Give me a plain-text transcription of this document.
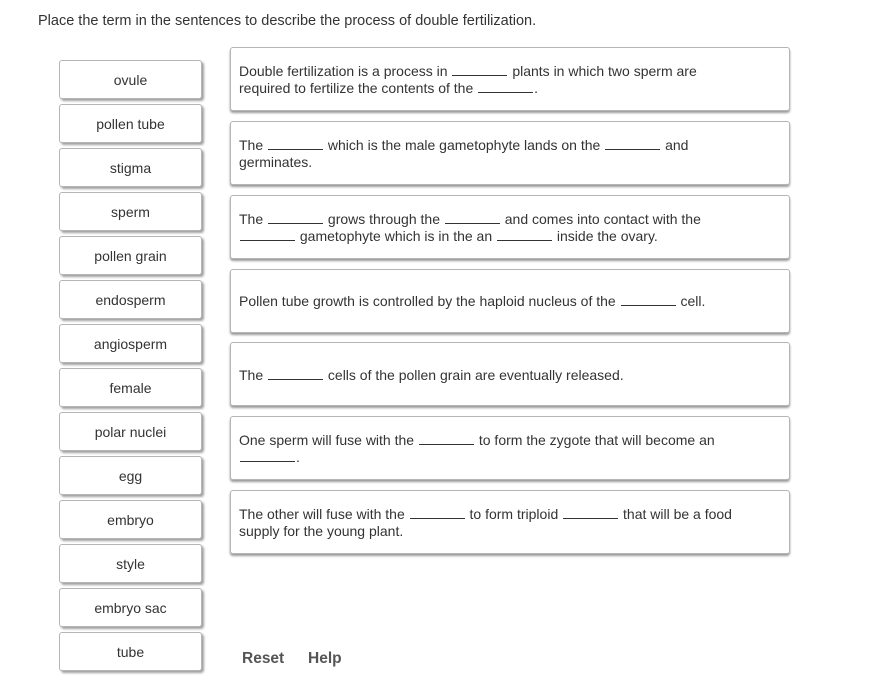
Place the term in the sentences to describe the process of double fertilization.
ovule
pollen tube
stigma
sperm
pollen grain
endosperm
angiosperm
female
polar nuclei
egg
embryo
style
embryo sac
tube
Double fertilization is a process in	plants in which two sperm are
required to fertilize the contents of the	.
The	which is the male gametophyte lands on the	and
germinates.
The	grows through the	and comes into contact with the
gametophyte which is in the an	inside the ovary.
Pollen tube growth is controlled by the haploid nucleus of the	cell.
The	cells of the pollen grain are eventually released.
One sperm will fuse with the	to form the zygote that will become an
.
The other will fuse with the	to form triploid	that will be a food
supply for the young plant.
Reset Help
